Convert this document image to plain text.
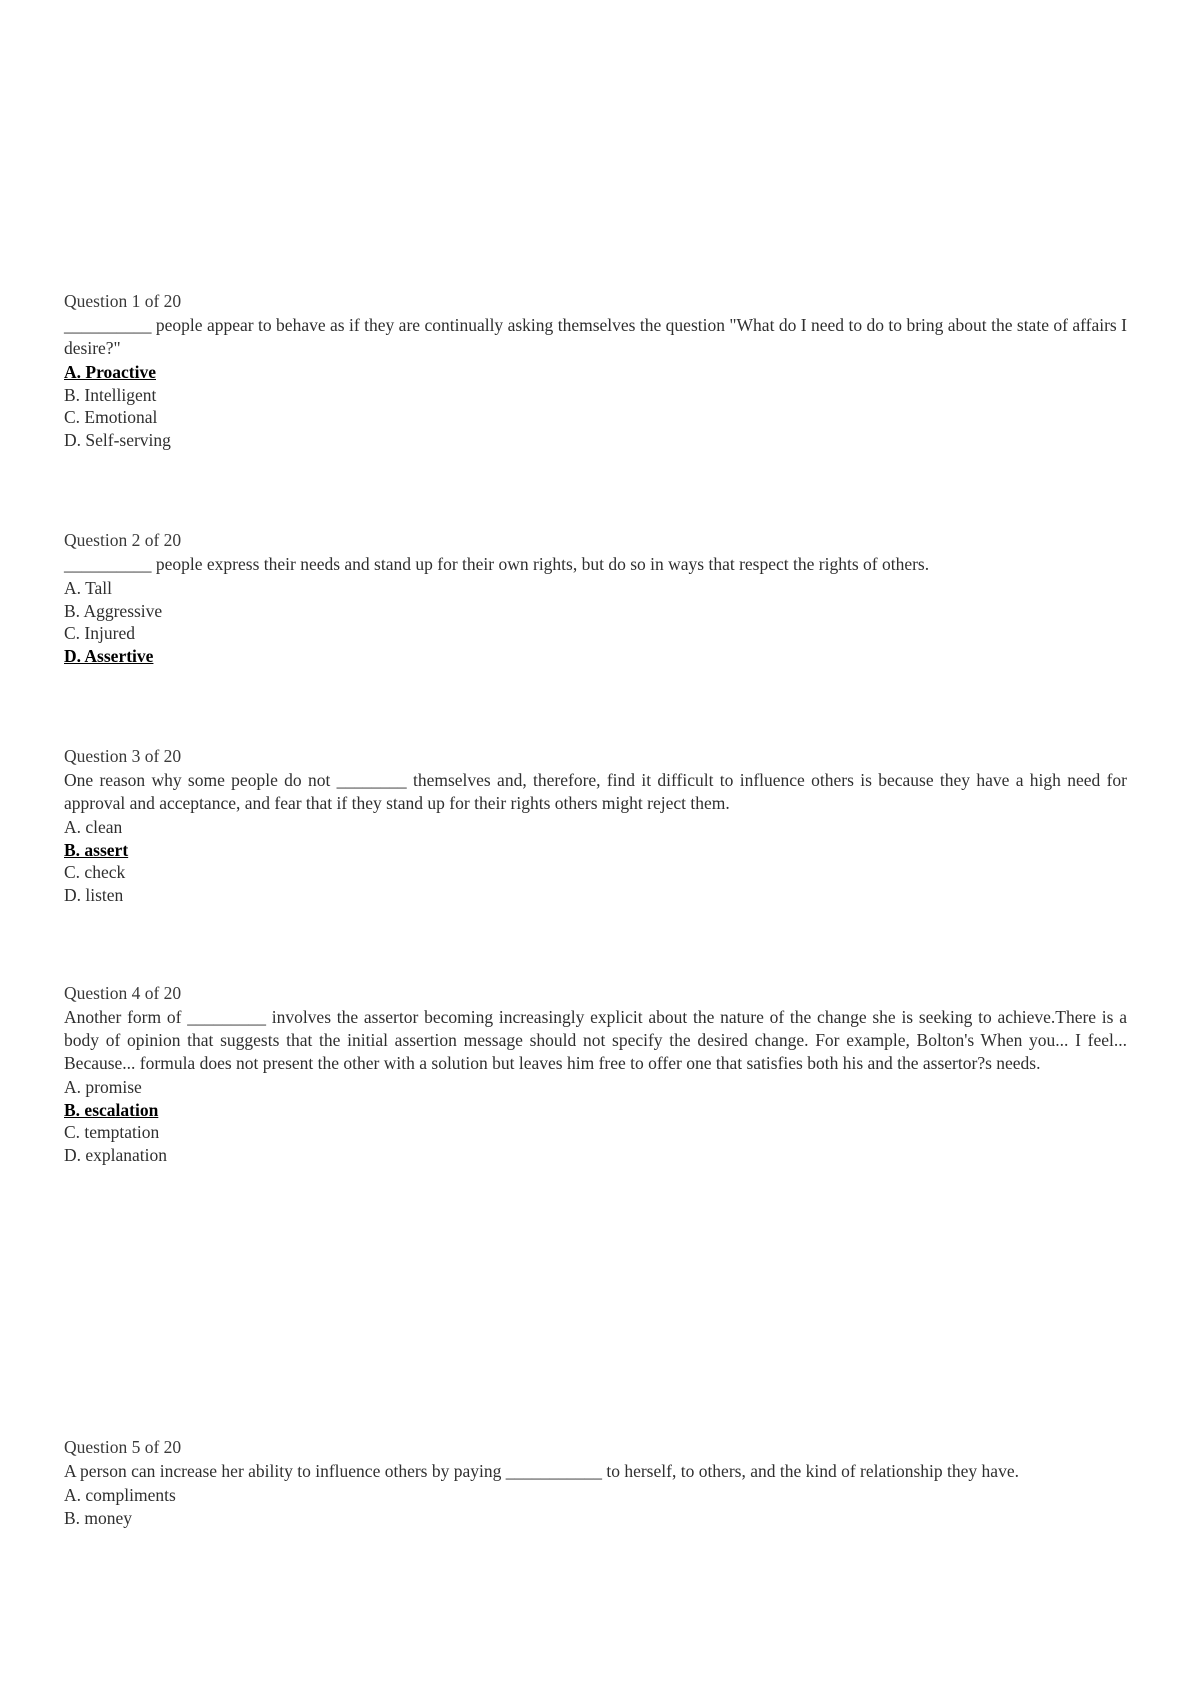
Question 1 of 20

__________ people appear to behave as if they are continually asking themselves the question "What do I need to do to bring about the state of affairs I desire?"

A. Proactive

B. Intelligent

C. Emotional

D. Self-serving

Question 2 of 20

__________ people express their needs and stand up for their own rights, but do so in ways that respect the rights of others.

A. Tall

B. Aggressive

C. Injured

D. Assertive

Question 3 of 20

One reason why some people do not ________ themselves and, therefore, find it difficult to influence others is because they have a high need for approval and acceptance, and fear that if they stand up for their rights others might reject them.

A. clean

B. assert

C. check

D. listen

Question 4 of 20

Another form of _________ involves the assertor becoming increasingly explicit about the nature of the change she is seeking to achieve.There is a body of opinion that suggests that the initial assertion message should not specify the desired change. For example, Bolton's When you... I feel... Because... formula does not present the other with a solution but leaves him free to offer one that satisfies both his and the assertor?s needs.

A. promise

B. escalation

C. temptation

D. explanation

Question 5 of 20

A person can increase her ability to influence others by paying ___________ to herself, to others, and the kind of relationship they have.

A. compliments

B. money
